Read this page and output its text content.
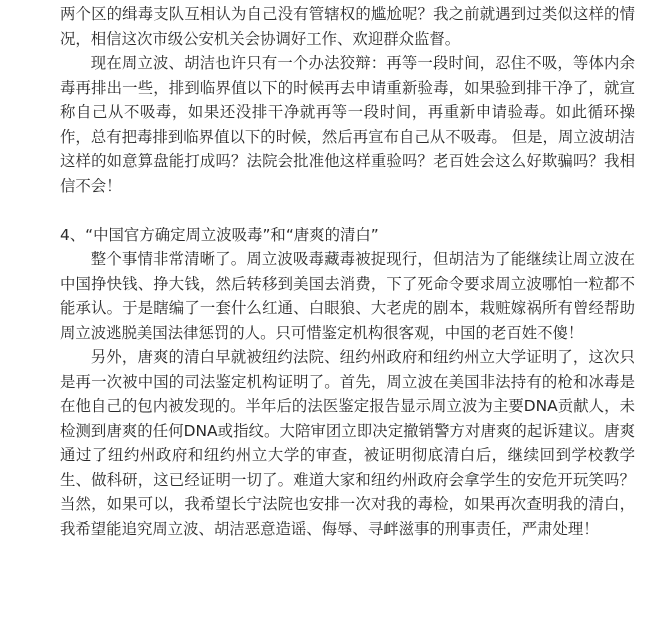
两个区的缉毒支队互相认为自己没有管辖权的尴尬呢？我之前就遇到过类似这样的情况，相信这次市级公安机关会协调好工作、欢迎群众监督。

现在周立波、胡洁也许只有一个办法狡辩：再等一段时间，忍住不吸，等体内余毒再排出一些，排到临界值以下的时候再去申请重新验毒，如果验到排干净了，就宣称自己从不吸毒，如果还没排干净就再等一段时间，再重新申请验毒。如此循环操作，总有把毒排到临界值以下的时候，然后再宣布自己从不吸毒。 但是，周立波胡洁这样的如意算盘能打成吗？法院会批准他这样重验吗？老百姓会这么好欺骗吗？我相信不会！

4、“中国官方确定周立波吸毒”和“唐爽的清白”

整个事情非常清晰了。周立波吸毒藏毒被捉现行，但胡洁为了能继续让周立波在中国挣快钱、挣大钱，然后转移到美国去消费，下了死命令要求周立波哪怕一粒都不能承认。于是瞎编了一套什么红通、白眼狼、大老虎的剧本，栽赃嫁祸所有曾经帮助周立波逃脱美国法律惩罚的人。只可惜鉴定机构很客观，中国的老百姓不傻！

另外，唐爽的清白早就被纽约法院、纽约州政府和纽约州立大学证明了，这次只是再一次被中国的司法鉴定机构证明了。首先，周立波在美国非法持有的枪和冰毒是在他自己的包内被发现的。半年后的法医鉴定报告显示周立波为主要DNA贡献人，未检测到唐爽的任何DNA或指纹。大陪审团立即决定撤销警方对唐爽的起诉建议。唐爽通过了纽约州政府和纽约州立大学的审查，被证明彻底清白后，继续回到学校教学生、做科研，这已经证明一切了。难道大家和纽约州政府会拿学生的安危开玩笑吗？当然，如果可以，我希望长宁法院也安排一次对我的毒检，如果再次查明我的清白，我希望能追究周立波、胡洁恶意造谣、侮辱、寻衅滋事的刑事责任，严肃处理！
